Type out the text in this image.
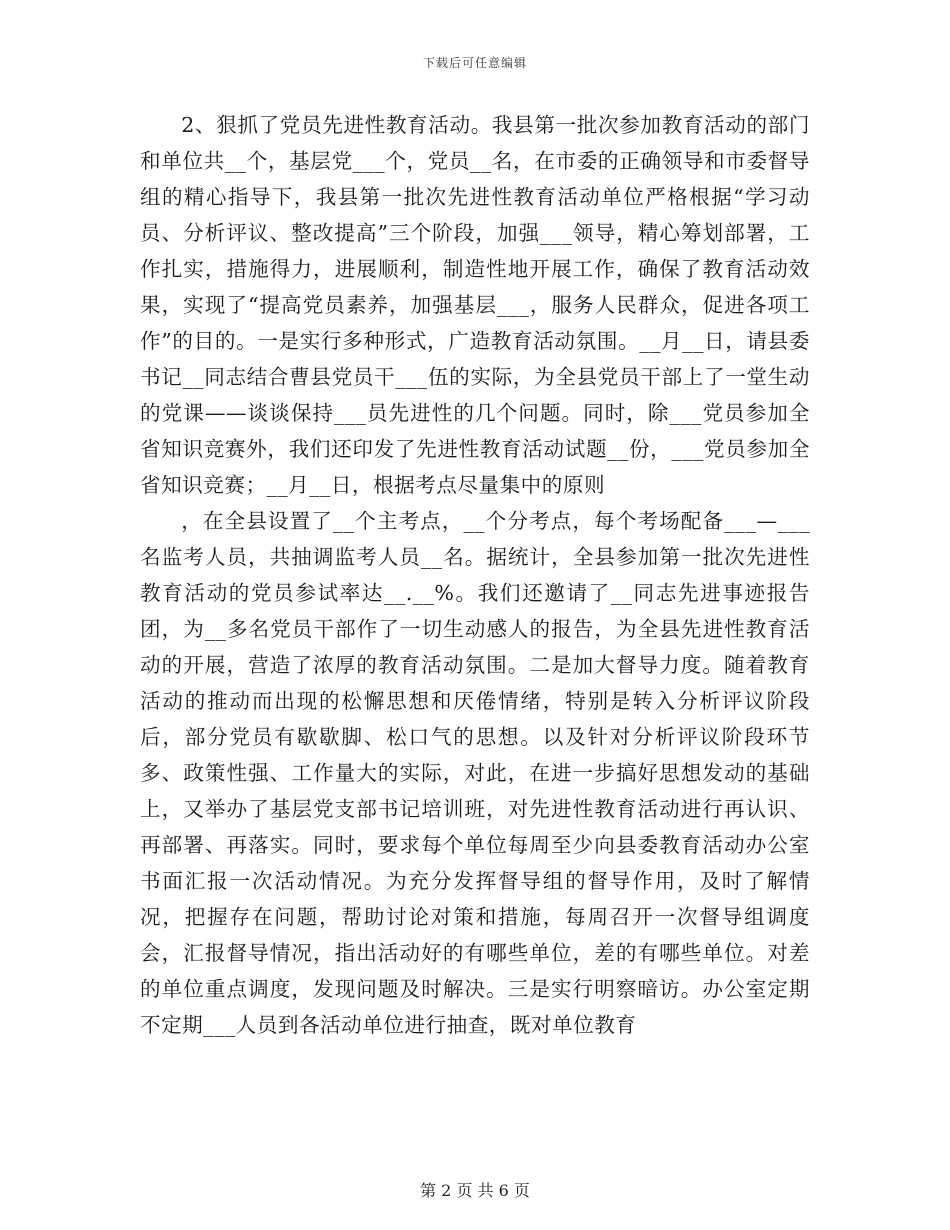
下载后可任意编辑

2、狠抓了党员先进性教育活动。我县第一批次参加教育活动的部门和单位共__个，基层党___个，党员__名，在市委的正确领导和市委督导组的精心指导下，我县第一批次先进性教育活动单位严格根据“学习动员、分析评议、整改提高”三个阶段，加强___领导，精心筹划部署，工作扎实，措施得力，进展顺利，制造性地开展工作，确保了教育活动效果，实现了“提高党员素养，加强基层___，服务人民群众，促进各项工作”的目的。一是实行多种形式，广造教育活动氛围。__月__日，请县委书记__同志结合曹县党员干___伍的实际，为全县党员干部上了一堂生动的党课——谈谈保持___员先进性的几个问题。同时，除___党员参加全省知识竞赛外，我们还印发了先进性教育活动试题__份，___党员参加全省知识竞赛；__月__日，根据考点尽量集中的原则

，在全县设置了__个主考点，__个分考点，每个考场配备___—___名监考人员，共抽调监考人员__名。据统计，全县参加第一批次先进性教育活动的党员参试率达__.__%。我们还邀请了__同志先进事迹报告团，为__多名党员干部作了一切生动感人的报告，为全县先进性教育活动的开展，营造了浓厚的教育活动氛围。二是加大督导力度。随着教育活动的推动而出现的松懈思想和厌倦情绪，特别是转入分析评议阶段后，部分党员有歇歇脚、松口气的思想。以及针对分析评议阶段环节多、政策性强、工作量大的实际，对此，在进一步搞好思想发动的基础上，又举办了基层党支部书记培训班，对先进性教育活动进行再认识、再部署、再落实。同时，要求每个单位每周至少向县委教育活动办公室书面汇报一次活动情况。为充分发挥督导组的督导作用，及时了解情况，把握存在问题，帮助讨论对策和措施，每周召开一次督导组调度会，汇报督导情况，指出活动好的有哪些单位，差的有哪些单位。对差的单位重点调度，发现问题及时解决。三是实行明察暗访。办公室定期不定期___人员到各活动单位进行抽查，既对单位教育

第 2 页 共 6 页
